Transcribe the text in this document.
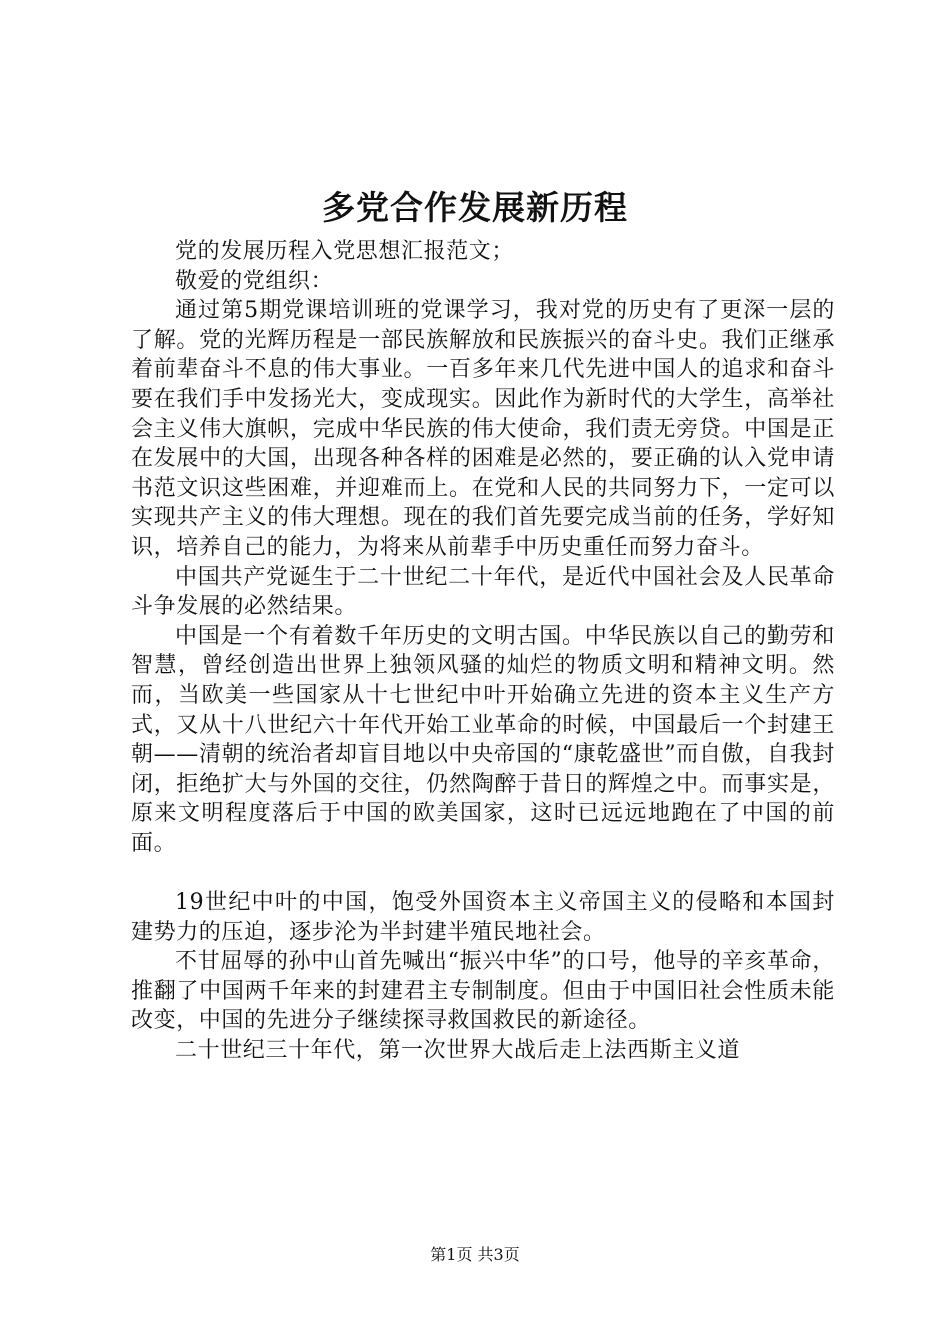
多党合作发展新历程

党的发展历程入党思想汇报范文；

敬爱的党组织：

通过第5期党课培训班的党课学习，我对党的历史有了更深一层的了解。党的光辉历程是一部民族解放和民族振兴的奋斗史。我们正继承着前辈奋斗不息的伟大事业。一百多年来几代先进中国人的追求和奋斗要在我们手中发扬光大，变成现实。因此作为新时代的大学生，高举社会主义伟大旗帜，完成中华民族的伟大使命，我们责无旁贷。中国是正在发展中的大国，出现各种各样的困难是必然的，要正确的认入党申请书范文识这些困难，并迎难而上。在党和人民的共同努力下，一定可以实现共产主义的伟大理想。现在的我们首先要完成当前的任务，学好知识，培养自己的能力，为将来从前辈手中历史重任而努力奋斗。

中国共产党诞生于二十世纪二十年代，是近代中国社会及人民革命斗争发展的必然结果。

中国是一个有着数千年历史的文明古国。中华民族以自己的勤劳和智慧，曾经创造出世界上独领风骚的灿烂的物质文明和精神文明。然而，当欧美一些国家从十七世纪中叶开始确立先进的资本主义生产方式，又从十八世纪六十年代开始工业革命的时候，中国最后一个封建王朝——清朝的统治者却盲目地以中央帝国的“康乾盛世”而自傲，自我封闭，拒绝扩大与外国的交往，仍然陶醉于昔日的辉煌之中。而事实是，原来文明程度落后于中国的欧美国家，这时已远远地跑在了中国的前面。

19世纪中叶的中国，饱受外国资本主义帝国主义的侵略和本国封建势力的压迫，逐步沦为半封建半殖民地社会。

不甘屈辱的孙中山首先喊出“振兴中华”的口号，他导的辛亥革命，推翻了中国两千年来的封建君主专制制度。但由于中国旧社会性质未能改变，中国的先进分子继续探寻救国救民的新途径。

二十世纪三十年代，第一次世界大战后走上法西斯主义道

第1页 共3页
